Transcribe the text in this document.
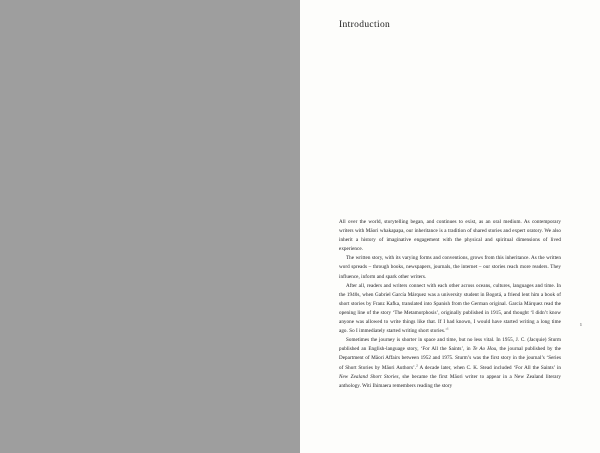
Introduction

All over the world, storytelling began, and continues to exist, as an oral medium. As contemporary writers with Māori whakapapa, our inheritance is a tradition of shared stories and expert oratory. We also inherit a history of imaginative engagement with the physical and spiritual dimensions of lived experience.

The written story, with its varying forms and conventions, grows from this inheritance. As the written word spreads – through books, newspapers, journals, the internet – our stories reach more readers. They influence, inform and spark other writers.

After all, readers and writers connect with each other across oceans, cultures, languages and time. In the 1940s, when Gabriel García Márquez was a university student in Bogotá, a friend lent him a book of short stories by Franz Kafka, translated into Spanish from the German original. García Márquez read the opening line of the story ‘The Metamorphosis’, originally published in 1915, and thought ‘I didn’t know anyone was allowed to write things like that. If I had known, I would have started writing a long time ago. So I immediately started writing short stories.’$^1$

Sometimes the journey is shorter in space and time, but no less vital. In 1955, J. C. (Jacquie) Sturm published an English-language story, ‘For All the Saints’, in Te Ao Hou, the journal published by the Department of Māori Affairs between 1952 and 1975. Sturm’s was the first story in the journal’s ‘Series of Short Stories by Māori Authors’.$^2$ A decade later, when C. K. Stead included ‘For All the Saints’ in New Zealand Short Stories, she became the first Māori writer to appear in a New Zealand literary anthology. Witi Ihimaera remembers reading the story

1
